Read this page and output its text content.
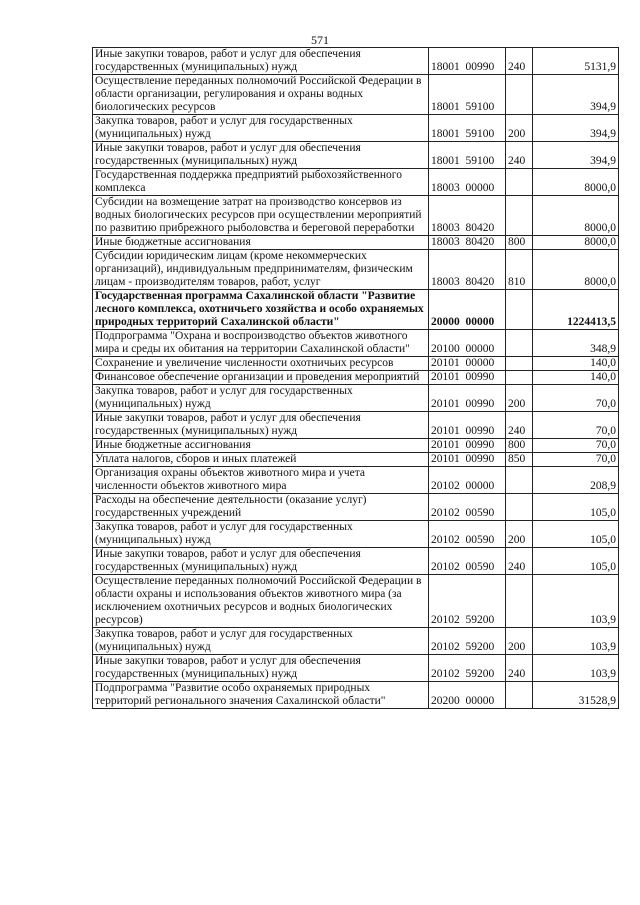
571
Иные закупки товаров, работ и услуг для обеспечения государственных (муниципальных) нужд	18001  00990	240	5131,9
Осуществление переданных полномочий Российской Федерации в области организации, регулирования и охраны водных биологических ресурсов	18001  59100		394,9
Закупка товаров, работ и услуг для государственных (муниципальных) нужд	18001  59100	200	394,9
Иные закупки товаров, работ и услуг для обеспечения государственных (муниципальных) нужд	18001  59100	240	394,9
Государственная поддержка предприятий рыбохозяйственного комплекса	18003  00000		8000,0
Субсидии на возмещение затрат на производство консервов из водных биологических ресурсов при осуществлении мероприятий по развитию прибрежного рыболовства и береговой переработки	18003  80420		8000,0
Иные бюджетные ассигнования	18003  80420	800	8000,0
Субсидии юридическим лицам (кроме некоммерческих организаций), индивидуальным предпринимателям, физическим лицам - производителям товаров, работ, услуг	18003  80420	810	8000,0
Государственная программа Сахалинской области "Развитие лесного комплекса, охотничьего хозяйства и особо охраняемых природных территорий Сахалинской области"	20000  00000		1224413,5
Подпрограмма "Охрана и воспроизводство объектов животного мира и среды их обитания на территории Сахалинской области"	20100  00000		348,9
Сохранение и увеличение численности охотничьих ресурсов	20101  00000		140,0
Финансовое обеспечение организации и проведения мероприятий	20101  00990		140,0
Закупка товаров, работ и услуг для государственных (муниципальных) нужд	20101  00990	200	70,0
Иные закупки товаров, работ и услуг для обеспечения государственных (муниципальных) нужд	20101  00990	240	70,0
Иные бюджетные ассигнования	20101  00990	800	70,0
Уплата налогов, сборов и иных платежей	20101  00990	850	70,0
Организация охраны объектов животного мира и учета численности объектов животного мира	20102  00000		208,9
Расходы на обеспечение деятельности (оказание услуг) государственных учреждений	20102  00590		105,0
Закупка товаров, работ и услуг для государственных (муниципальных) нужд	20102  00590	200	105,0
Иные закупки товаров, работ и услуг для обеспечения государственных (муниципальных) нужд	20102  00590	240	105,0
Осуществление переданных полномочий Российской Федерации в области охраны и использования объектов животного мира (за исключением охотничьих ресурсов и водных биологических ресурсов)	20102  59200		103,9
Закупка товаров, работ и услуг для государственных (муниципальных) нужд	20102  59200	200	103,9
Иные закупки товаров, работ и услуг для обеспечения государственных (муниципальных) нужд	20102  59200	240	103,9
Подпрограмма "Развитие особо охраняемых природных территорий регионального значения Сахалинской области"	20200  00000		31528,9
